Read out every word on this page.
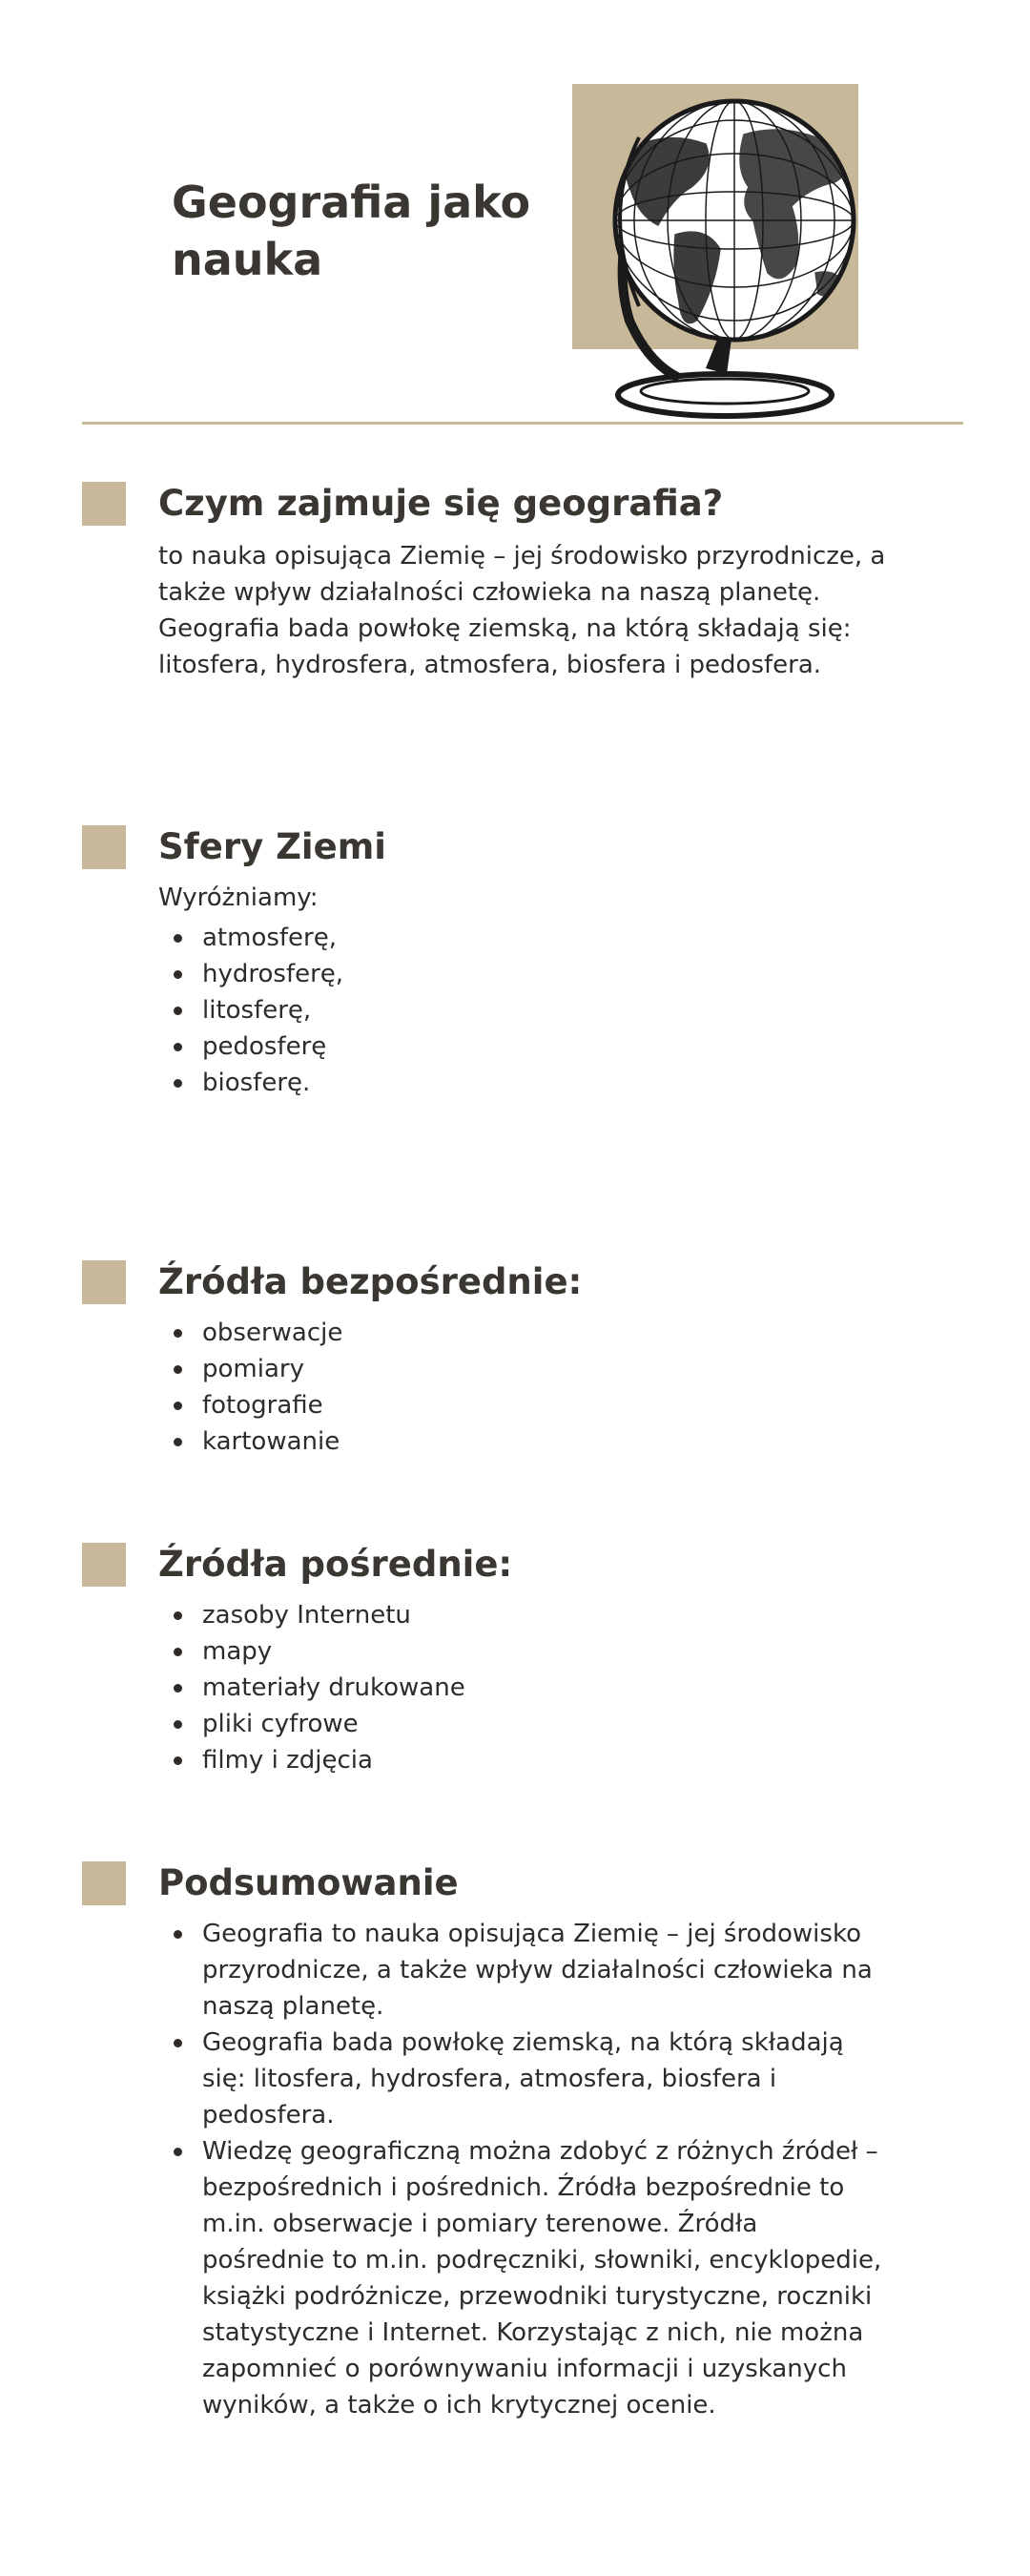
Geografia jako nauka
Czym zajmuje się geografia?

to nauka opisująca Ziemię – jej środowisko przyrodnicze, a także wpływ działalności człowieka na naszą planetę. Geografia bada powłokę ziemską, na którą składają się: litosfera, hydrosfera, atmosfera, biosfera i pedosfera.

Sfery Ziemi
Wyróżniamy:
atmosferę,
hydrosferę,
litosferę,
pedosferę
biosferę.
Źródła bezpośrednie:
obserwacje
pomiary
fotografie
kartowanie
Źródła pośrednie:
zasoby Internetu
mapy
materiały drukowane
pliki cyfrowe
filmy i zdjęcia
Podsumowanie
Geografia to nauka opisująca Ziemię – jej środowisko przyrodnicze, a także wpływ działalności człowieka na naszą planetę.
Geografia bada powłokę ziemską, na którą składają się: litosfera, hydrosfera, atmosfera, biosfera i pedosfera.
Wiedzę geograficzną można zdobyć z różnych źródeł – bezpośrednich i pośrednich. Źródła bezpośrednie to m.in. obserwacje i pomiary terenowe. Źródła pośrednie to m.in. podręczniki, słowniki, encyklopedie, książki podróżnicze, przewodniki turystyczne, roczniki statystyczne i Internet. Korzystając z nich, nie można zapomnieć o porównywaniu informacji i uzyskanych wyników, a także o ich krytycznej ocenie.
